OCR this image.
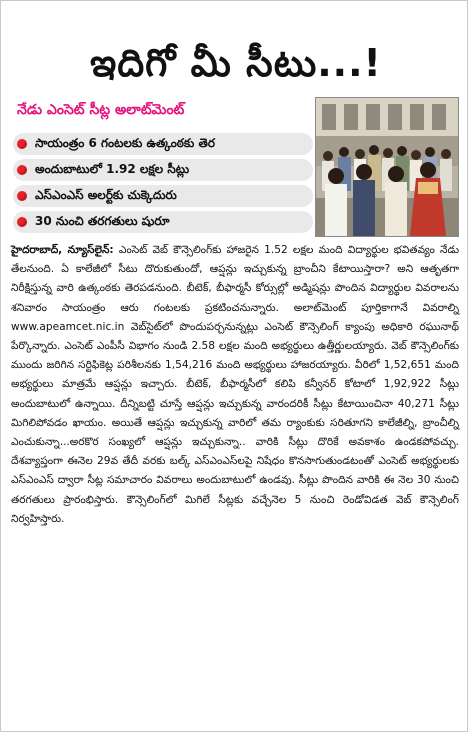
ఇదిగో మీ సీటు...!
నేడు ఎంసెట్ సీట్ల అలాట్‌మెంట్
సాయంత్రం 6 గంటలకు ఉత్కంఠకు తెర
అందుబాటులో 1.92 లక్షల సీట్లు
ఎస్ఎంఎస్ అలర్ట్‌కు చుక్కెదురు
30 నుంచి తరగతులు షురూ
హైదరాబాద్, న్యూస్‌లైన్: ఎంసెట్ వెబ్ కౌన్సెలింగ్‌కు హాజరైన 1.52 లక్షల మంది విద్యార్థుల భవితవ్యం నేడు తేలనుంది. ఏ కాలేజీలో సీటు దొరుకుతుందో, ఆప్షన్లు ఇచ్చుకున్న బ్రాంచీని కేటాయిస్తారా? అని ఆతృతగా నిరీక్షిస్తున్న వారి ఉత్కంఠకు తెరపడనుంది. బీటెక్, బీఫార్మసీ కోర్సుల్లో అడ్మిషన్లు పొందిన విద్యార్థుల వివరాలను శనివారం సాయంత్రం ఆరు గంటలకు ప్రకటించనున్నారు. అలాట్‌మెంట్ పూర్తికాగానే వివరాల్ని www.apeamcet.nic.in వెబ్‌సైట్‌లో పొందుపర్చనున్నట్లు ఎంసెట్ కౌన్సెలింగ్ క్యాంపు అధికారి రఘునాథ్ పేర్కొన్నారు. ఎంసెట్ ఎంపీసీ విభాగం నుండి 2.58 లక్షల మంది అభ్యర్థులు ఉత్తీర్ణులయ్యారు. వెబ్ కౌన్సెలింగ్‌కు ముందు జరిగిన సర్టిఫికెట్ల పరిశీలనకు 1,54,216 మంది అభ్యర్థులు హాజరయ్యారు. వీరిలో 1,52,651 మంది అభ్యర్థులు మాత్రమే ఆప్షన్లు ఇచ్చారు. బీటెక్, బీఫార్మసీలో కలిపి కన్వీనర్ కోటాలో 1,92,922 సీట్లు అందుబాటులో ఉన్నాయి. దీన్నిబట్టి చూస్తే ఆప్షన్లు ఇచ్చుకున్న వారందరికీ సీట్లు కేటాయించినా 40,271 సీట్లు మిగిలిపోవడం ఖాయం. అయితే ఆప్షన్లు ఇచ్చుకున్న వారిలో తమ ర్యాంకుకు సరితూగని కాలేజీల్ని, బ్రాంచీల్ని ఎంచుకున్నా...అరకొర సంఖ్యలో ఆప్షన్లు ఇచ్చుకున్నా.. వారికి సీట్లు దొరికే అవకాశం ఉండకపోవచ్చు. దేశవ్యాప్తంగా ఈనెల 29వ తేదీ వరకు బల్క్ ఎస్ఎంఎస్‌లపై నిషేధం కొనసాగుతుండటంతో ఎంసెట్ అభ్యర్థులకు ఎస్ఎంఎస్ ద్వారా సీట్ల సమాచారం వివరాలు అందుబాటులో ఉండవు. సీట్లు పొందిన వారికి ఈ నెల 30 నుంచి తరగతులు ప్రారంభిస్తారు. కౌన్సెలింగ్‌లో మిగిలే సీట్లకు వచ్చేనెల 5 నుంచి రెండోవిడత వెబ్ కౌన్సెలింగ్ నిర్వహిస్తారు.
